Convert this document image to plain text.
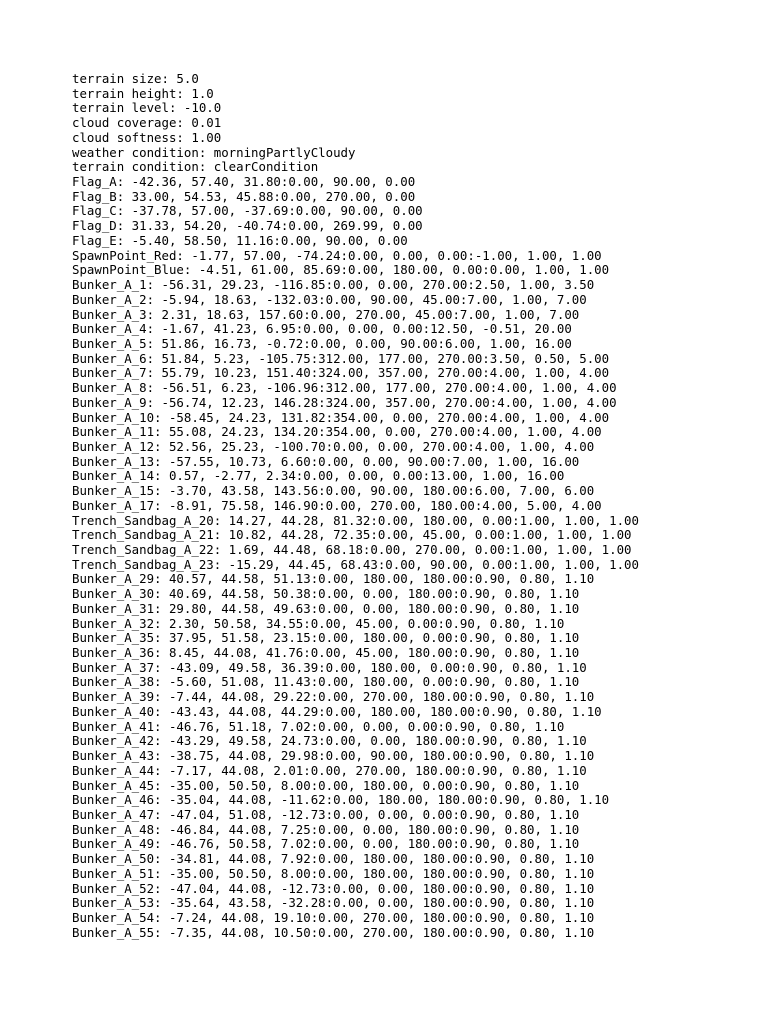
terrain size: 5.0
terrain height: 1.0
terrain level: -10.0
cloud coverage: 0.01
cloud softness: 1.00
weather condition: morningPartlyCloudy
terrain condition: clearCondition
Flag_A: -42.36, 57.40, 31.80:0.00, 90.00, 0.00
Flag_B: 33.00, 54.53, 45.88:0.00, 270.00, 0.00
Flag_C: -37.78, 57.00, -37.69:0.00, 90.00, 0.00
Flag_D: 31.33, 54.20, -40.74:0.00, 269.99, 0.00
Flag_E: -5.40, 58.50, 11.16:0.00, 90.00, 0.00
SpawnPoint_Red: -1.77, 57.00, -74.24:0.00, 0.00, 0.00:-1.00, 1.00, 1.00
SpawnPoint_Blue: -4.51, 61.00, 85.69:0.00, 180.00, 0.00:0.00, 1.00, 1.00
Bunker_A_1: -56.31, 29.23, -116.85:0.00, 0.00, 270.00:2.50, 1.00, 3.50
Bunker_A_2: -5.94, 18.63, -132.03:0.00, 90.00, 45.00:7.00, 1.00, 7.00
Bunker_A_3: 2.31, 18.63, 157.60:0.00, 270.00, 45.00:7.00, 1.00, 7.00
Bunker_A_4: -1.67, 41.23, 6.95:0.00, 0.00, 0.00:12.50, -0.51, 20.00
Bunker_A_5: 51.86, 16.73, -0.72:0.00, 0.00, 90.00:6.00, 1.00, 16.00
Bunker_A_6: 51.84, 5.23, -105.75:312.00, 177.00, 270.00:3.50, 0.50, 5.00
Bunker_A_7: 55.79, 10.23, 151.40:324.00, 357.00, 270.00:4.00, 1.00, 4.00
Bunker_A_8: -56.51, 6.23, -106.96:312.00, 177.00, 270.00:4.00, 1.00, 4.00
Bunker_A_9: -56.74, 12.23, 146.28:324.00, 357.00, 270.00:4.00, 1.00, 4.00
Bunker_A_10: -58.45, 24.23, 131.82:354.00, 0.00, 270.00:4.00, 1.00, 4.00
Bunker_A_11: 55.08, 24.23, 134.20:354.00, 0.00, 270.00:4.00, 1.00, 4.00
Bunker_A_12: 52.56, 25.23, -100.70:0.00, 0.00, 270.00:4.00, 1.00, 4.00
Bunker_A_13: -57.55, 10.73, 6.60:0.00, 0.00, 90.00:7.00, 1.00, 16.00
Bunker_A_14: 0.57, -2.77, 2.34:0.00, 0.00, 0.00:13.00, 1.00, 16.00
Bunker_A_15: -3.70, 43.58, 143.56:0.00, 90.00, 180.00:6.00, 7.00, 6.00
Bunker_A_17: -8.91, 75.58, 146.90:0.00, 270.00, 180.00:4.00, 5.00, 4.00
Trench_Sandbag_A_20: 14.27, 44.28, 81.32:0.00, 180.00, 0.00:1.00, 1.00, 1.00
Trench_Sandbag_A_21: 10.82, 44.28, 72.35:0.00, 45.00, 0.00:1.00, 1.00, 1.00
Trench_Sandbag_A_22: 1.69, 44.48, 68.18:0.00, 270.00, 0.00:1.00, 1.00, 1.00
Trench_Sandbag_A_23: -15.29, 44.45, 68.43:0.00, 90.00, 0.00:1.00, 1.00, 1.00
Bunker_A_29: 40.57, 44.58, 51.13:0.00, 180.00, 180.00:0.90, 0.80, 1.10
Bunker_A_30: 40.69, 44.58, 50.38:0.00, 0.00, 180.00:0.90, 0.80, 1.10
Bunker_A_31: 29.80, 44.58, 49.63:0.00, 0.00, 180.00:0.90, 0.80, 1.10
Bunker_A_32: 2.30, 50.58, 34.55:0.00, 45.00, 0.00:0.90, 0.80, 1.10
Bunker_A_35: 37.95, 51.58, 23.15:0.00, 180.00, 0.00:0.90, 0.80, 1.10
Bunker_A_36: 8.45, 44.08, 41.76:0.00, 45.00, 180.00:0.90, 0.80, 1.10
Bunker_A_37: -43.09, 49.58, 36.39:0.00, 180.00, 0.00:0.90, 0.80, 1.10
Bunker_A_38: -5.60, 51.08, 11.43:0.00, 180.00, 0.00:0.90, 0.80, 1.10
Bunker_A_39: -7.44, 44.08, 29.22:0.00, 270.00, 180.00:0.90, 0.80, 1.10
Bunker_A_40: -43.43, 44.08, 44.29:0.00, 180.00, 180.00:0.90, 0.80, 1.10
Bunker_A_41: -46.76, 51.18, 7.02:0.00, 0.00, 0.00:0.90, 0.80, 1.10
Bunker_A_42: -43.29, 49.58, 24.73:0.00, 0.00, 180.00:0.90, 0.80, 1.10
Bunker_A_43: -38.75, 44.08, 29.98:0.00, 90.00, 180.00:0.90, 0.80, 1.10
Bunker_A_44: -7.17, 44.08, 2.01:0.00, 270.00, 180.00:0.90, 0.80, 1.10
Bunker_A_45: -35.00, 50.50, 8.00:0.00, 180.00, 0.00:0.90, 0.80, 1.10
Bunker_A_46: -35.04, 44.08, -11.62:0.00, 180.00, 180.00:0.90, 0.80, 1.10
Bunker_A_47: -47.04, 51.08, -12.73:0.00, 0.00, 0.00:0.90, 0.80, 1.10
Bunker_A_48: -46.84, 44.08, 7.25:0.00, 0.00, 180.00:0.90, 0.80, 1.10
Bunker_A_49: -46.76, 50.58, 7.02:0.00, 0.00, 180.00:0.90, 0.80, 1.10
Bunker_A_50: -34.81, 44.08, 7.92:0.00, 180.00, 180.00:0.90, 0.80, 1.10
Bunker_A_51: -35.00, 50.50, 8.00:0.00, 180.00, 180.00:0.90, 0.80, 1.10
Bunker_A_52: -47.04, 44.08, -12.73:0.00, 0.00, 180.00:0.90, 0.80, 1.10
Bunker_A_53: -35.64, 43.58, -32.28:0.00, 0.00, 180.00:0.90, 0.80, 1.10
Bunker_A_54: -7.24, 44.08, 19.10:0.00, 270.00, 180.00:0.90, 0.80, 1.10
Bunker_A_55: -7.35, 44.08, 10.50:0.00, 270.00, 180.00:0.90, 0.80, 1.10
